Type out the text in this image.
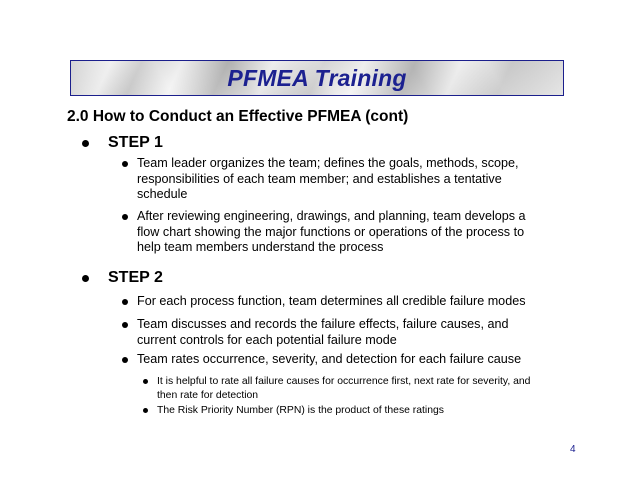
PFMEA Training
2.0 How to Conduct an Effective PFMEA (cont)
STEP 1
Team leader organizes the team; defines the goals, methods, scope, responsibilities of each team member; and establishes a tentative schedule
After reviewing engineering, drawings, and planning, team develops a flow chart showing the major functions or operations of the process to help team members understand the process
STEP 2
For each process function, team determines all credible failure modes
Team discusses and records the failure effects, failure causes, and current controls for each potential failure mode
Team rates occurrence, severity, and detection for each failure cause
It is helpful to rate all failure causes for occurrence first, next rate for severity, and then rate for detection
The Risk Priority Number (RPN) is the product of these ratings
4
